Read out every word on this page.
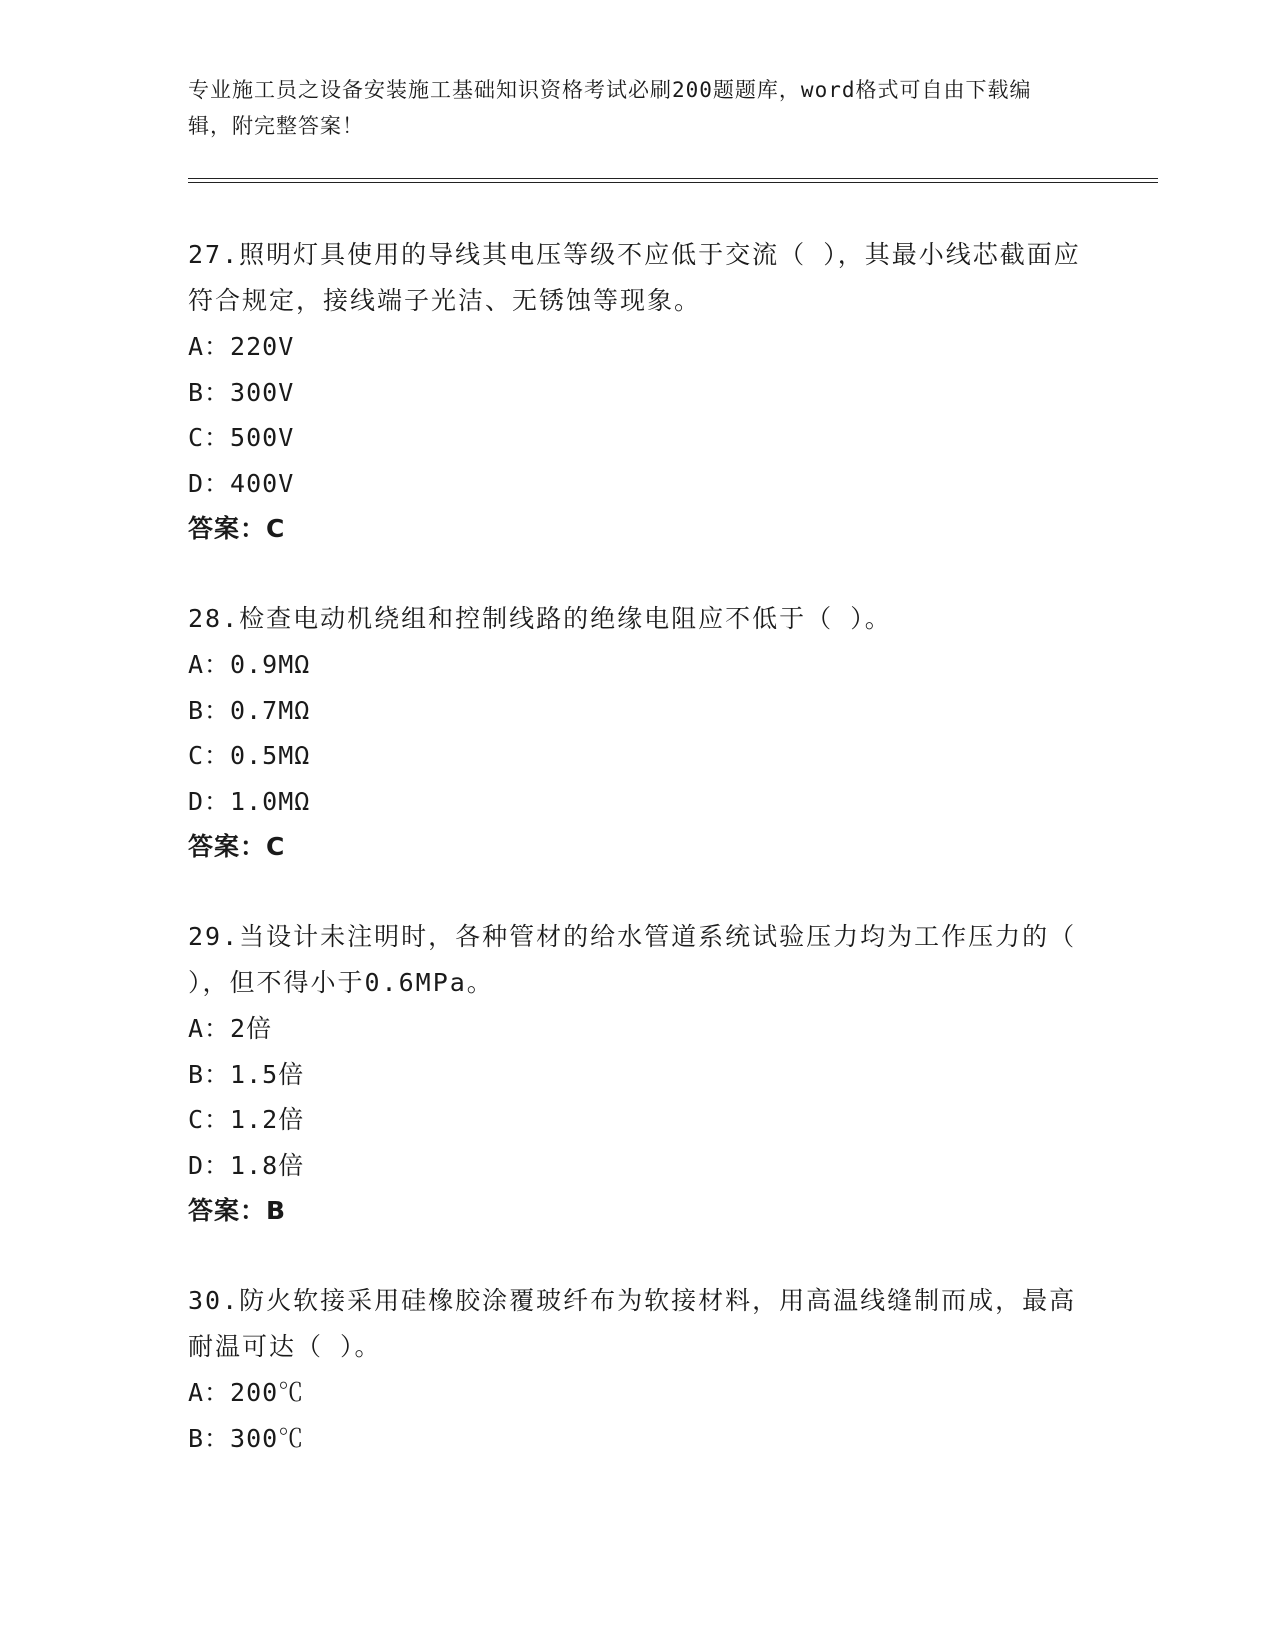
专业施工员之设备安装施工基础知识资格考试必刷200题题库，word格式可自由下载编辑，附完整答案！

27.照明灯具使用的导线其电压等级不应低于交流（ ），其最小线芯截面应符合规定，接线端子光洁、无锈蚀等现象。

A：220V
B：300V
C：500V
D：400V
答案：C

28.检查电动机绕组和控制线路的绝缘电阻应不低于（ ）。

A：0.9MΩ
B：0.7MΩ
C：0.5MΩ
D：1.0MΩ
答案：C

29.当设计未注明时，各种管材的给水管道系统试验压力均为工作压力的（ ），但不得小于0.6MPa。

A：2倍
B：1.5倍
C：1.2倍
D：1.8倍
答案：B

30.防火软接采用硅橡胶涂覆玻纤布为软接材料，用高温线缝制而成，最高耐温可达（ ）。

A：200℃
B：300℃
